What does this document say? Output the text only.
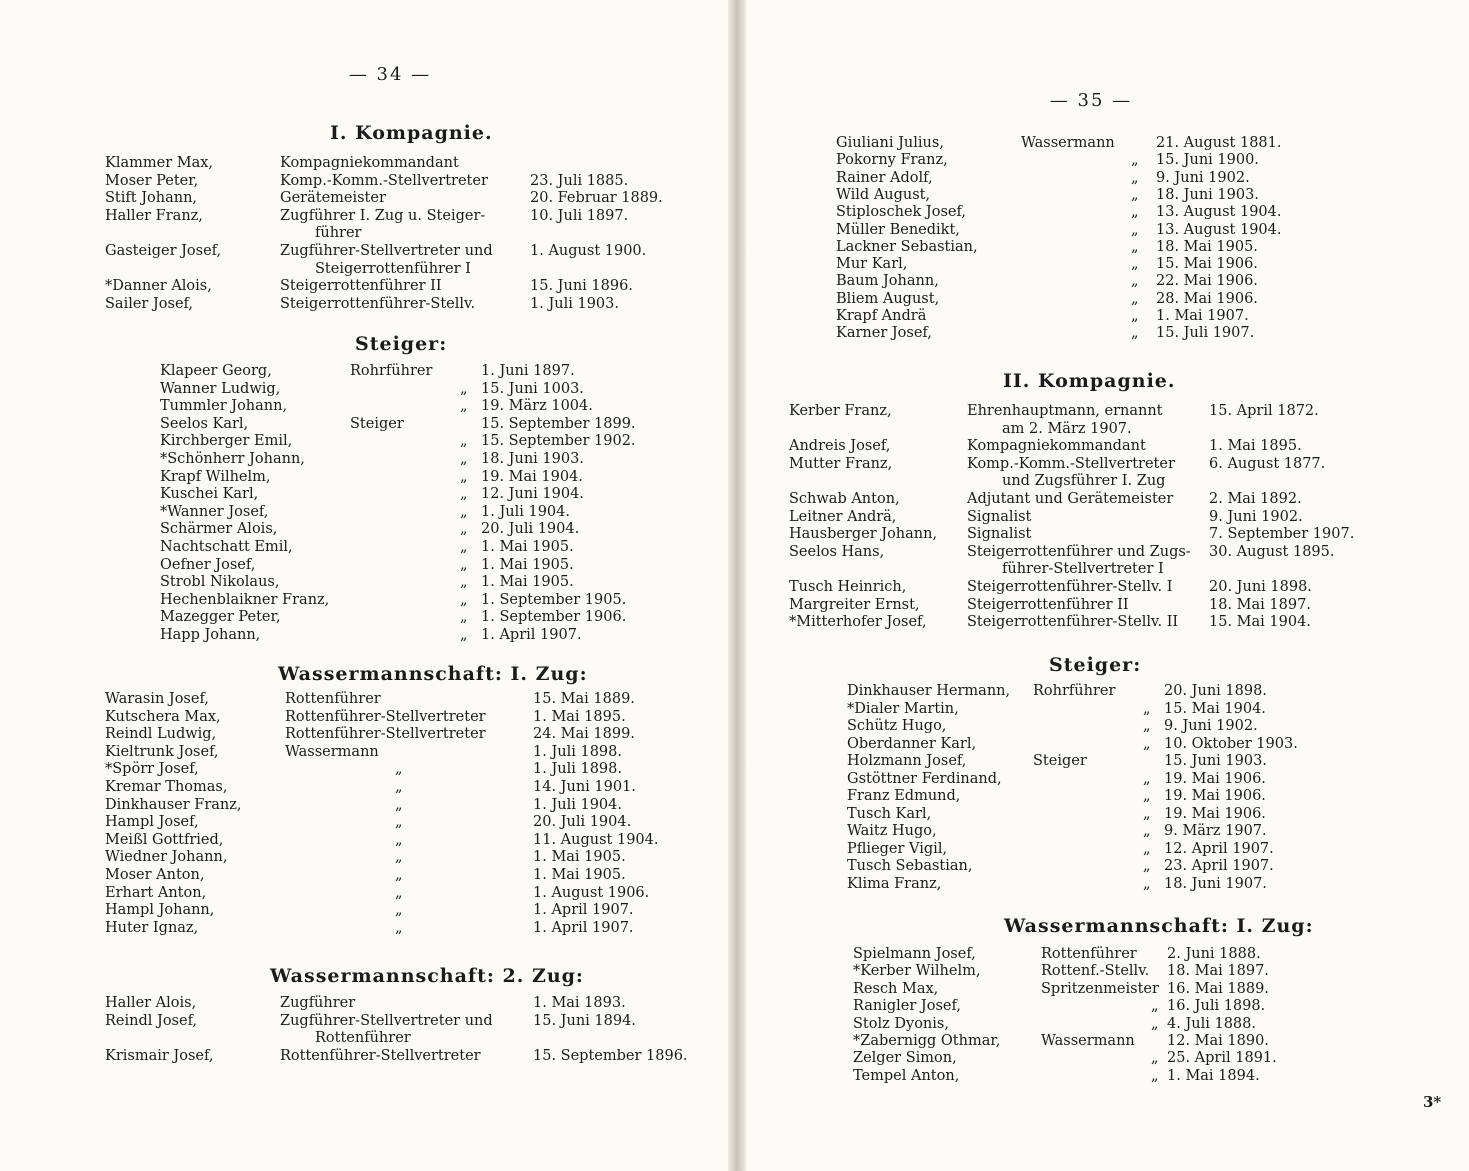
— 34 —
I. Kompagnie.
Klammer Max,	Kompagniekommandant
Moser Peter,	Komp.-Komm.-Stellvertreter	23. Juli 1885.
Stift Johann,	Gerätemeister	20. Februar 1889.
Haller Franz,	Zugführer I. Zug u. Steiger-	10. Juli 1897.
führer
Gasteiger Josef,	Zugführer-Stellvertreter und	1. August 1900.
Steigerrottenführer I
*Danner Alois,	Steigerrottenführer II	15. Juni 1896.
Sailer Josef,	Steigerrottenführer-Stellv.	1. Juli 1903.
Steiger:
Klapeer Georg,	Rohrführer	1. Juni 1897.
Wanner Ludwig,	„ 15. Juni 1003.
Tummler Johann,	„ 19. März 1004.
Seelos Karl,	Steiger	15. September 1899.
Kirchberger Emil,	„ 15. September 1902.
*Schönherr Johann,	„ 18. Juni 1903.
Krapf Wilhelm,	„ 19. Mai 1904.
Kuschei Karl,	„ 12. Juni 1904.
*Wanner Josef,	„ 1. Juli 1904.
Schärmer Alois,	„ 20. Juli 1904.
Nachtschatt Emil,	„ 1. Mai 1905.
Oefner Josef,	„ 1. Mai 1905.
Strobl Nikolaus,	„ 1. Mai 1905.
Hechenblaikner Franz,	„ 1. September 1905.
Mazegger Peter,	„ 1. September 1906.
Happ Johann,	„ 1. April 1907.
Wassermannschaft: I. Zug:
Warasin Josef,	Rottenführer	15. Mai 1889.
Kutschera Max,	Rottenführer-Stellvertreter	1. Mai 1895.
Reindl Ludwig,	Rottenführer-Stellvertreter	24. Mai 1899.
Kieltrunk Josef,	Wassermann	1. Juli 1898.
*Spörr Josef,	„	1. Juli 1898.
Kremar Thomas,	„	14. Juni 1901.
Dinkhauser Franz,	„	1. Juli 1904.
Hampl Josef,	„	20. Juli 1904.
Meißl Gottfried,	„	11. August 1904.
Wiedner Johann,	„	1. Mai 1905.
Moser Anton,	„	1. Mai 1905.
Erhart Anton,	„	1. August 1906.
Hampl Johann,	„	1. April 1907.
Huter Ignaz,	„	1. April 1907.
Wassermannschaft: 2. Zug:
Haller Alois,	Zugführer	1. Mai 1893.
Reindl Josef,	Zugführer-Stellvertreter und	15. Juni 1894.
Rottenführer
Krismair Josef,	Rottenführer-Stellvertreter	15. September 1896.
— 35 —
Giuliani Julius,	Wassermann	21. August 1881.
Pokorny Franz,	„ 15. Juni 1900.
Rainer Adolf,	„ 9. Juni 1902.
Wild August,	„ 18. Juni 1903.
Stiploschek Josef,	„ 13. August 1904.
Müller Benedikt,	„ 13. August 1904.
Lackner Sebastian,	„ 18. Mai 1905.
Mur Karl,	„ 15. Mai 1906.
Baum Johann,	„ 22. Mai 1906.
Bliem August,	„ 28. Mai 1906.
Krapf Andrä	„ 1. Mai 1907.
Karner Josef,	„ 15. Juli 1907.
II. Kompagnie.
Kerber Franz,	Ehrenhauptmann, ernannt	15. April 1872.
am 2. März 1907.
Andreis Josef,	Kompagniekommandant	1. Mai 1895.
Mutter Franz,	Komp.-Komm.-Stellvertreter 6. August 1877.
und Zugsführer I. Zug
Schwab Anton,	Adjutant und Gerätemeister 2. Mai 1892.
Leitner Andrä,	Signalist	9. Juni 1902.
Hausberger Johann, Signalist	7. September 1907.
Seelos Hans,	Steigerrottenführer und Zugs- 30. August 1895.
führer-Stellvertreter I
Tusch Heinrich,	Steigerrottenführer-Stellv. I	20. Juni 1898.
Margreiter Ernst,	Steigerrottenführer II	18. Mai 1897.
*Mitterhofer Josef,	Steigerrottenführer-Stellv. II 15. Mai 1904.
Steiger:
Dinkhauser Hermann, Rohrführer	20. Juni 1898.
*Dialer Martin,	„ 15. Mai 1904.
Schütz Hugo,	„ 9. Juni 1902.
Oberdanner Karl,	„ 10. Oktober 1903.
Holzmann Josef,	Steiger	15. Juni 1903.
Gstöttner Ferdinand,	„ 19. Mai 1906.
Franz Edmund,	„ 19. Mai 1906.
Tusch Karl,	„ 19. Mai 1906.
Waitz Hugo,	„ 9. März 1907.
Pflieger Vigil,	„ 12. April 1907.
Tusch Sebastian,	„ 23. April 1907.
Klima Franz,	„ 18. Juni 1907.
Wassermannschaft: I. Zug:
Spielmann Josef,	Rottenführer 2. Juni 1888.
*Kerber Wilhelm,	Rottenf.-Stellv. 18. Mai 1897.
Resch Max,	Spritzenmeister 16. Mai 1889.
Ranigler Josef,	„ 16. Juli 1898.
Stolz Dyonis,	„ 4. Juli 1888.
*Zabernigg Othmar,	Wassermann 12. Mai 1890.
Zelger Simon,	„ 25. April 1891.
Tempel Anton,	„ 1. Mai 1894.
3*
